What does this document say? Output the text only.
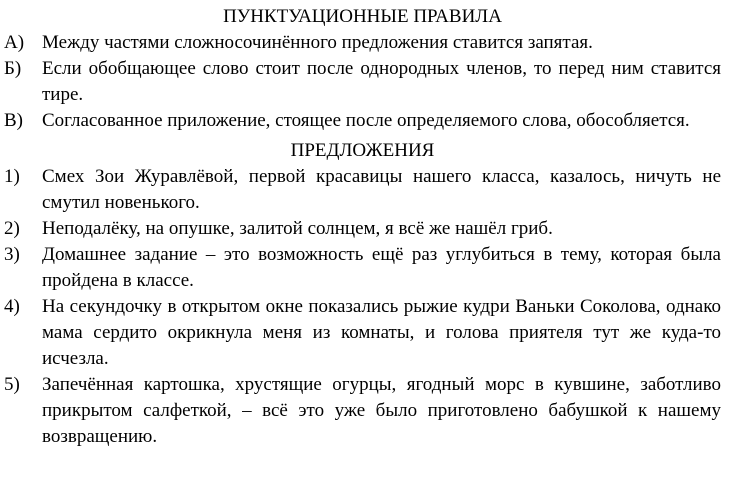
ПУНКТУАЦИОННЫЕ ПРАВИЛА
А) Между частями сложносочинённого предложения ставится запятая.
Б)	Если обобщающее слово стоит после однородных членов, то перед ним ставится тире.
В)	Согласованное приложение, стоящее после определяемого слова, обособляется.
ПРЕДЛОЖЕНИЯ
1)	Смех Зои Журавлёвой, первой красавицы нашего класса, казалось, ничуть не смутил новенького.
2)	Неподалёку, на опушке, залитой солнцем, я всё же нашёл гриб.
3)	Домашнее задание – это возможность ещё раз углубиться в тему, которая была пройдена в классе.
4)	На секундочку в открытом окне показались рыжие кудри Ваньки Соколова, однако мама сердито окрикнула меня из комнаты, и голова приятеля тут же куда-то исчезла.
5)	Запечённая картошка, хрустящие огурцы, ягодный морс в кувшине, заботливо прикрытом салфеткой, – всё это уже было приготовлено бабушкой к нашему возвращению.
